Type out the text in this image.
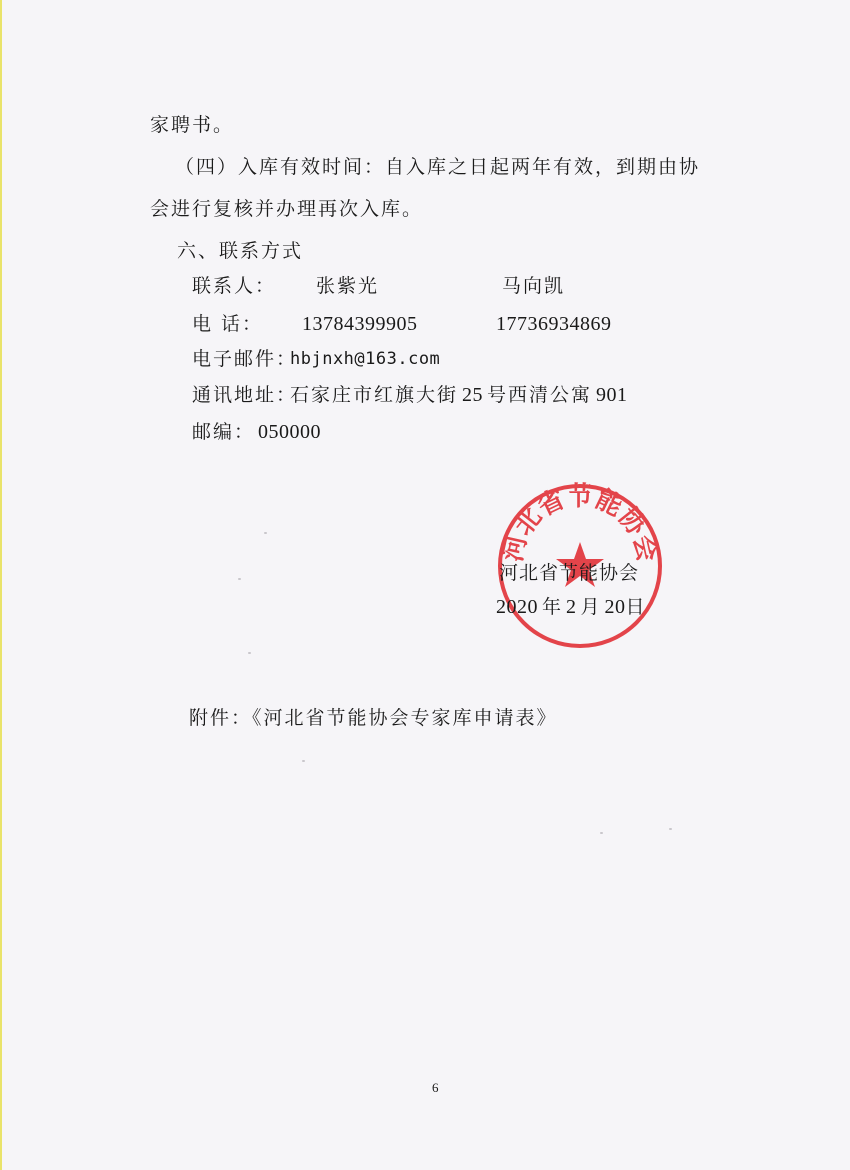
家聘书。
（四）入库有效时间：自入库之日起两年有效，到期由协
会进行复核并办理再次入库。
六、联系方式
联系人： 张紫光	马向凯
电 话： 13784399905	17736934869
电子邮件：
hbjnxh@163.com
通讯地址：
石家庄市红旗大街 25 号西清公寓 901
邮编： 050000
河北省节能协会
河北省节能协会
2020 年 2 月 20日
附件：《河北省节能协会专家库申请表》
6
